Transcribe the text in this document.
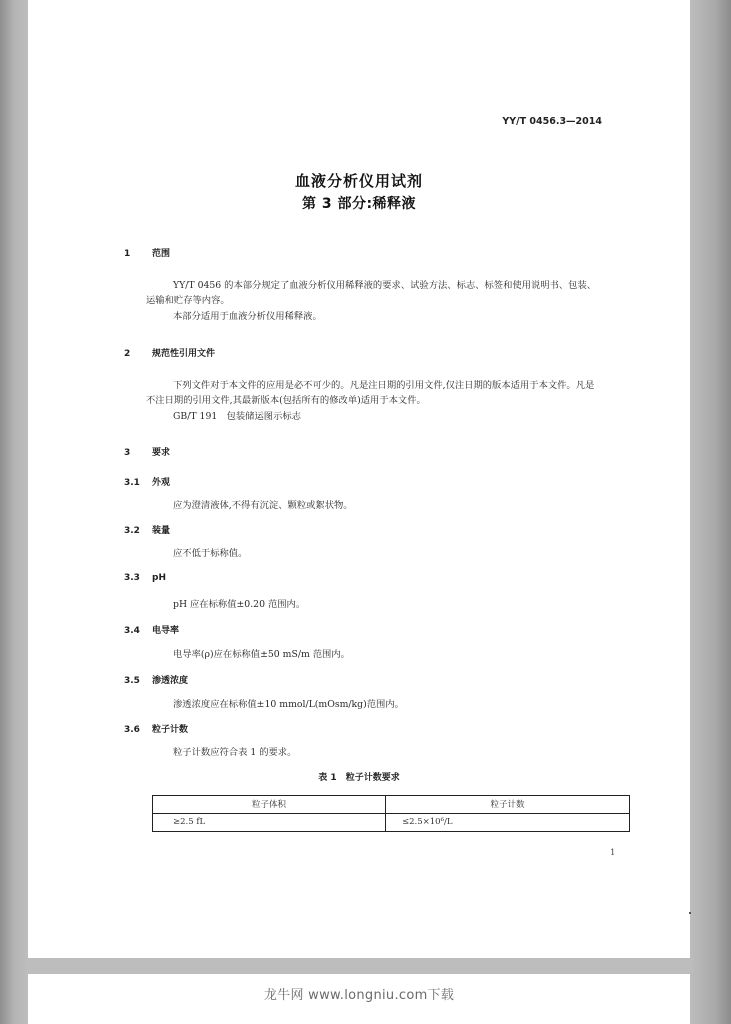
YY/T 0456.3—2014
血液分析仪用试剂
第 3 部分:稀释液
1 范围
YY/T 0456 的本部分规定了血液分析仪用稀释液的要求、试验方法、标志、标签和使用说明书、包装、运输和贮存等内容。
本部分适用于血液分析仪用稀释液。
2 规范性引用文件
下列文件对于本文件的应用是必不可少的。凡是注日期的引用文件,仅注日期的版本适用于本文件。凡是不注日期的引用文件,其最新版本(包括所有的修改单)适用于本文件。
GB/T 191　包装储运图示标志
3 要求
3.1 外观
应为澄清液体,不得有沉淀、颗粒或絮状物。
3.2 装量
应不低于标称值。
3.3 pH
pH 应在标称值±0.20 范围内。
3.4 电导率
电导率(ρ)应在标称值±50 mS/m 范围内。
3.5 渗透浓度
渗透浓度应在标称值±10 mmol/L(mOsm/kg)范围内。
3.6 粒子计数
粒子计数应符合表 1 的要求。
表 1　粒子计数要求
粒子体积	粒子计数
≥2.5 fL	≤2.5×10⁶/L
1
龙牛网 www.longniu.com下载
